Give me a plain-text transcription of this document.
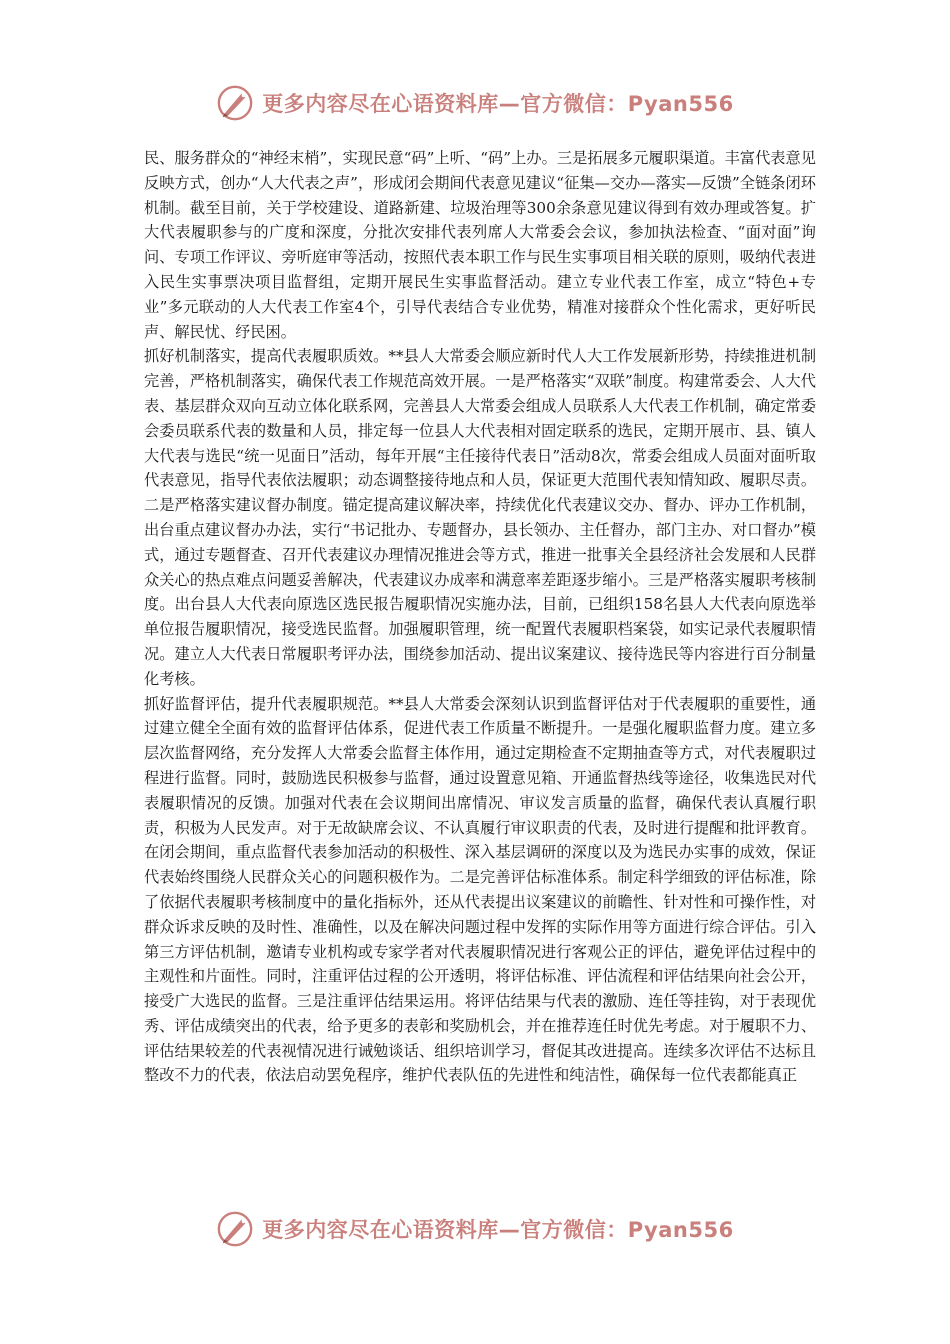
更多内容尽在心语资料库—官方微信：Pyan556

民、服务群众的“神经末梢”，实现民意“码”上听、“码”上办。三是拓展多元履职渠道。丰富代表意见反映方式，创办“人大代表之声”，形成闭会期间代表意见建议“征集—交办—落实—反馈”全链条闭环机制。截至目前，关于学校建设、道路新建、垃圾治理等300余条意见建议得到有效办理或答复。扩大代表履职参与的广度和深度，分批次安排代表列席人大常委会会议，参加执法检查、“面对面”询问、专项工作评议、旁听庭审等活动，按照代表本职工作与民生实事项目相关联的原则，吸纳代表进入民生实事票决项目监督组，定期开展民生实事监督活动。建立专业代表工作室，成立“特色+专业”多元联动的人大代表工作室4个，引导代表结合专业优势，精准对接群众个性化需求，更好听民声、解民忧、纾民困。

抓好机制落实，提高代表履职质效。**县人大常委会顺应新时代人大工作发展新形势，持续推进机制完善，严格机制落实，确保代表工作规范高效开展。一是严格落实“双联”制度。构建常委会、人大代表、基层群众双向互动立体化联系网，完善县人大常委会组成人员联系人大代表工作机制，确定常委会委员联系代表的数量和人员，排定每一位县人大代表相对固定联系的选民，定期开展市、县、镇人大代表与选民“统一见面日”活动，每年开展“主任接待代表日”活动8次，常委会组成人员面对面听取代表意见，指导代表依法履职；动态调整接待地点和人员，保证更大范围代表知情知政、履职尽责。二是严格落实建议督办制度。锚定提高建议解决率，持续优化代表建议交办、督办、评办工作机制，出台重点建议督办办法，实行“书记批办、专题督办，县长领办、主任督办，部门主办、对口督办”模式，通过专题督查、召开代表建议办理情况推进会等方式，推进一批事关全县经济社会发展和人民群众关心的热点难点问题妥善解决，代表建议办成率和满意率差距逐步缩小。三是严格落实履职考核制度。出台县人大代表向原选区选民报告履职情况实施办法，目前，已组织158名县人大代表向原选举单位报告履职情况，接受选民监督。加强履职管理，统一配置代表履职档案袋，如实记录代表履职情况。建立人大代表日常履职考评办法，围绕参加活动、提出议案建议、接待选民等内容进行百分制量化考核。

抓好监督评估，提升代表履职规范。**县人大常委会深刻认识到监督评估对于代表履职的重要性，通过建立健全全面有效的监督评估体系，促进代表工作质量不断提升。一是强化履职监督力度。建立多层次监督网络，充分发挥人大常委会监督主体作用，通过定期检查不定期抽查等方式，对代表履职过程进行监督。同时，鼓励选民积极参与监督，通过设置意见箱、开通监督热线等途径，收集选民对代表履职情况的反馈。加强对代表在会议期间出席情况、审议发言质量的监督，确保代表认真履行职责，积极为人民发声。对于无故缺席会议、不认真履行审议职责的代表，及时进行提醒和批评教育。在闭会期间，重点监督代表参加活动的积极性、深入基层调研的深度以及为选民办实事的成效，保证代表始终围绕人民群众关心的问题积极作为。二是完善评估标准体系。制定科学细致的评估标准，除了依据代表履职考核制度中的量化指标外，还从代表提出议案建议的前瞻性、针对性和可操作性，对群众诉求反映的及时性、准确性，以及在解决问题过程中发挥的实际作用等方面进行综合评估。引入第三方评估机制，邀请专业机构或专家学者对代表履职情况进行客观公正的评估，避免评估过程中的主观性和片面性。同时，注重评估过程的公开透明，将评估标准、评估流程和评估结果向社会公开，接受广大选民的监督。三是注重评估结果运用。将评估结果与代表的激励、连任等挂钩，对于表现优秀、评估成绩突出的代表，给予更多的表彰和奖励机会，并在推荐连任时优先考虑。对于履职不力、评估结果较差的代表视情况进行诫勉谈话、组织培训学习，督促其改进提高。连续多次评估不达标且整改不力的代表，依法启动罢免程序，维护代表队伍的先进性和纯洁性，确保每一位代表都能真正

更多内容尽在心语资料库—官方微信：Pyan556
